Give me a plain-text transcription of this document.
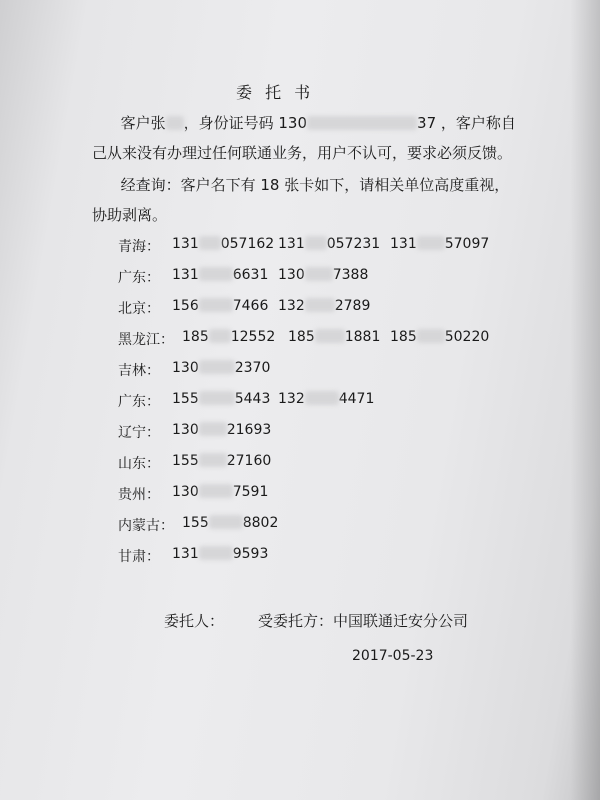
委 托 书
客户张 ，身份证号码 130	37 ，客户称自
己从来没有办理过任何联通业务，用户不认可，要求必须反馈。
经查询：客户名下有 18 张卡如下，请相关单位高度重视，
协助剥离。
青海： 131 057162 131 057231 131 57097
广东： 131 6631 130 7388
北京： 156 7466 132 2789
黑龙江： 185 12552 185 1881 185 50220
吉林： 130	2370
广东： 155	5443 132 4471
辽宁： 130 21693
山东： 155 27160
贵州： 130 7591
内蒙古： 155 8802
甘肃： 131 9593
委托人： 受委托方：中国联通迁安分公司
2017-05-23
